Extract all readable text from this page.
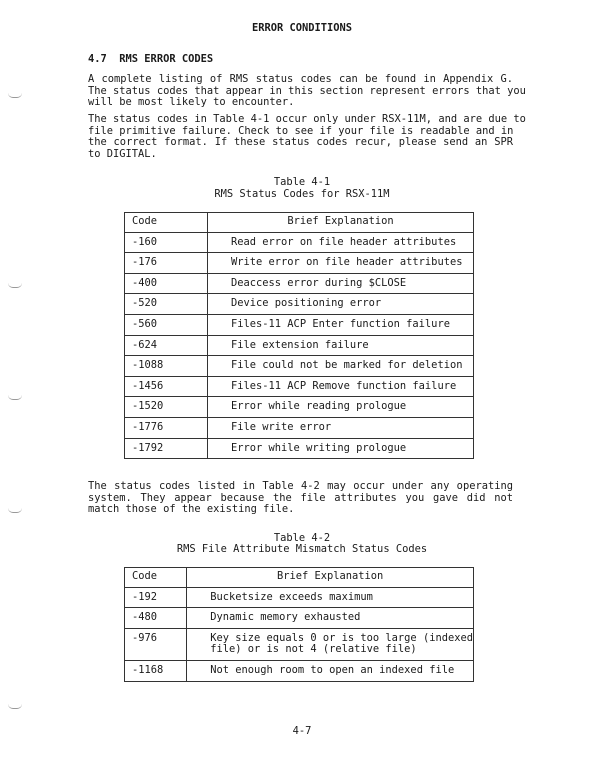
ERROR CONDITIONS
4.7  RMS ERROR CODES
A complete listing of RMS status codes can be found in Appendix G.
The status codes that appear in this section represent errors that you
will be most likely to encounter.
The status codes in Table 4-1 occur only under RSX-11M, and are due to
file primitive failure. Check to see if your file is readable and in
the correct format. If these status codes recur, please send an SPR
to DIGITAL.
Table 4-1
RMS Status Codes for RSX-11M
Code	Brief Explanation
-160	Read error on file header attributes
-176	Write error on file header attributes
-400	Deaccess error during $CLOSE
-520	Device positioning error
-560	Files-11 ACP Enter function failure
-624	File extension failure
-1088	File could not be marked for deletion
-1456	Files-11 ACP Remove function failure
-1520	Error while reading prologue
-1776	File write error
-1792	Error while writing prologue
The status codes listed in Table 4-2 may occur under any operating
system. They appear because the file attributes you gave did not
match those of the existing file.
Table 4-2
RMS File Attribute Mismatch Status Codes
Code	Brief Explanation
-192	Bucketsize exceeds maximum
-480	Dynamic memory exhausted
-976	Key size equals 0 or is too large (indexed
file) or is not 4 (relative file)
-1168	Not enough room to open an indexed file
4-7
